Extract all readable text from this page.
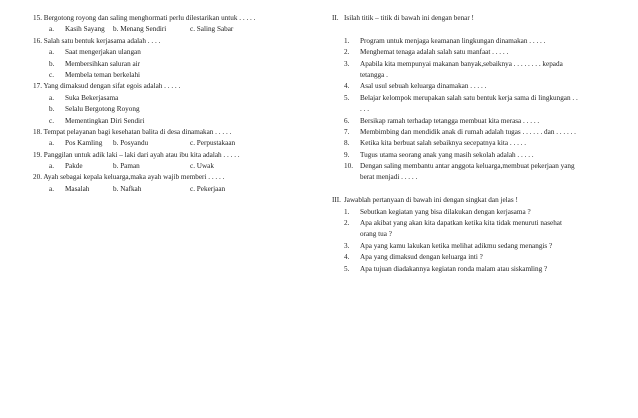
15. Bergotong royong dan saling menghormati perlu dilestarikan untuk . . . . .
a.	Kasih Sayang b. Menang Sendiri	c. Saling Sabar
16. Salah satu bentuk kerjasama adalah . . . .
a.	Saat mengerjakan ulangan
b.	Membersihkan saluran air
c.	Membela teman berkelahi
17. Yang dimaksud dengan sifat egois adalah . . . . .
a.	Suka Bekerjasama
b.	Selalu Bergotong Royong
c.	Mementingkan Diri Sendiri
18. Tempat pelayanan bagi kesehatan balita di desa dinamakan . . . . .
a.	Pos Kamling b. Posyandu	c. Perpustakaan
19. Panggilan untuk adik laki – laki dari ayah atau ibu kita adalah . . . . .
a.	Pakde	b. Paman	c. Uwak
20. Ayah sebagai kepala keluarga,maka ayah wajib memberi . . . . .
a.	Masalah	b. Nafkah	c. Pekerjaan
II. Isilah titik – titik di bawah ini dengan benar !
1.	Program untuk menjaga keamanan lingkungan dinamakan . . . . .
2.	Menghemat tenaga adalah salah satu manfaat . . . . .
3.	Apabila kita mempunyai makanan banyak,sebaiknya . . . . . . . . kepada
tetangga .
4.	Asal usul sebuah keluarga dinamakan . . . . .
5.	Belajar kelompok merupakan salah satu bentuk kerja sama di lingkungan . .
. . .
6.	Bersikap ramah terhadap tetangga membuat kita merasa . . . . .
7.	Membimbing dan mendidik anak di rumah adalah tugas . . . . . . dan . . . . . .
8.	Ketika kita berbuat salah sebaiknya secepatnya kita . . . . .
9.	Tugus utama seorang anak yang masih sekolah adalah . . . . .
10. Dengan saling membantu antar anggota keluarga,membuat pekerjaan yang
berat menjadi . . . . .
III. Jawablah pertanyaan di bawah ini dengan singkat dan jelas !
1.	Sebutkan kegiatan yang bisa dilakukan dengan kerjasama ?
2.	Apa akibat yang akan kita dapatkan ketika kita tidak menuruti nasehat
orang tua ?
3.	Apa yang kamu lakukan ketika melihat adikmu sedang menangis ?
4.	Apa yang dimaksud dengan keluarga inti ?
5.	Apa tujuan diadakannya kegiatan ronda malam atau siskamling ?
